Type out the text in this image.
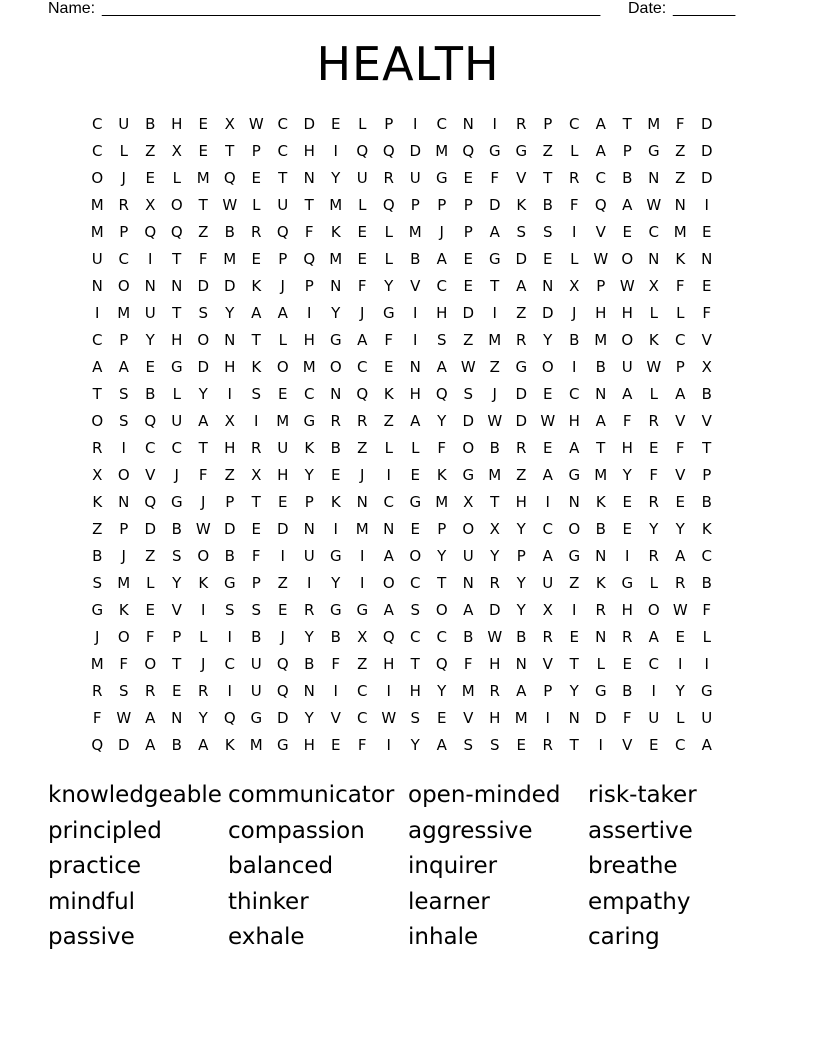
Name: ________________________________________________________ Date: _______
HEALTH
C	U	B	H	E	X W C	D	E	L	P	I	C	N	I	R	P	C	A	T	M	F	D
C	L	Z	X	E	T	P	C	H	I	Q Q D M Q G G	Z	L	A	P	G	Z	D
O	J	E	L	M Q	E	T	N	Y	U	R	U	G	E	F	V	T	R	C	B	N	Z	D
M R	X	O	T W L	U	T	M	L	Q	P	P	P	D	K	B	F	Q	A W N	I
M	P	Q Q	Z	B	R	Q	F	K	E	L	M	J	P	A	S	S	I	V	E	C M	E
U	C	I	T	F	M	E	P	Q M	E	L	B	A	E	G D	E	L W O N	K	N
N O N	N	D D	K	J	P	N	F	Y	V	C	E	T	A	N	X	P W X	F	E
I	M U	T	S	Y	A	A	I	Y	J	G	I	H	D	I	Z	D	J	H	H	L	L	F
C	P	Y	H O N	T	L	H	G	A	F	I	S	Z M R	Y	B M O	K	C	V
A	A	E	G D	H	K	O M O	C	E	N	A W Z	G O	I	B	U W P	X
T	S	B	L	Y	I	S	E	C	N Q	K	H Q	S	J	D	E	C	N	A	L	A	B
O	S	Q	U	A	X	I	M G	R	R	Z	A	Y	D W D W H	A	F	R	V	V
R	I	C	C	T	H	R	U	K	B	Z	L	L	F	O	B	R	E	A	T	H	E	F	T
X	O	V	J	F	Z	X	H	Y	E	J	I	E	K	G M Z	A	G M	Y	F	V	P
K	N Q G	J	P	T	E	P	K	N	C	G M X	T	H	I	N	K	E	R	E	B
Z	P	D	B W D	E	D	N	I	M N	E	P	O	X	Y	C	O	B	E	Y	Y	K
B	J	Z	S	O	B	F	I	U	G	I	A	O	Y	U	Y	P	A	G	N	I	R	A	C
S	M	L	Y	K	G	P	Z	I	Y	I	O	C	T	N	R	Y	U	Z	K	G	L	R	B
G	K	E	V	I	S	S	E	R	G G	A	S	O	A	D	Y	X	I	R	H O W F
J	O	F	P	L	I	B	J	Y	B	X	Q	C	C	B W B	R	E	N	R	A	E	L
M	F	O	T	J	C	U	Q	B	F	Z	H	T	Q	F	H	N	V	T	L	E	C	I	I
R	S	R	E	R	I	U	Q N	I	C	I	H	Y	M R	A	P	Y	G	B	I	Y	G
F W A	N	Y	Q G D	Y	V	C W S	E	V	H M	I	N	D	F	U	L	U
Q D	A	B	A	K	M G	H	E	F	I	Y	A	S	S	E	R	T	I	V	E	C	A
knowledgeable communicator open-minded	risk-taker
principled	compassion	aggressive	assertive
practice	balanced	inquirer	breathe
mindful	thinker	learner	empathy
passive	exhale	inhale	caring
